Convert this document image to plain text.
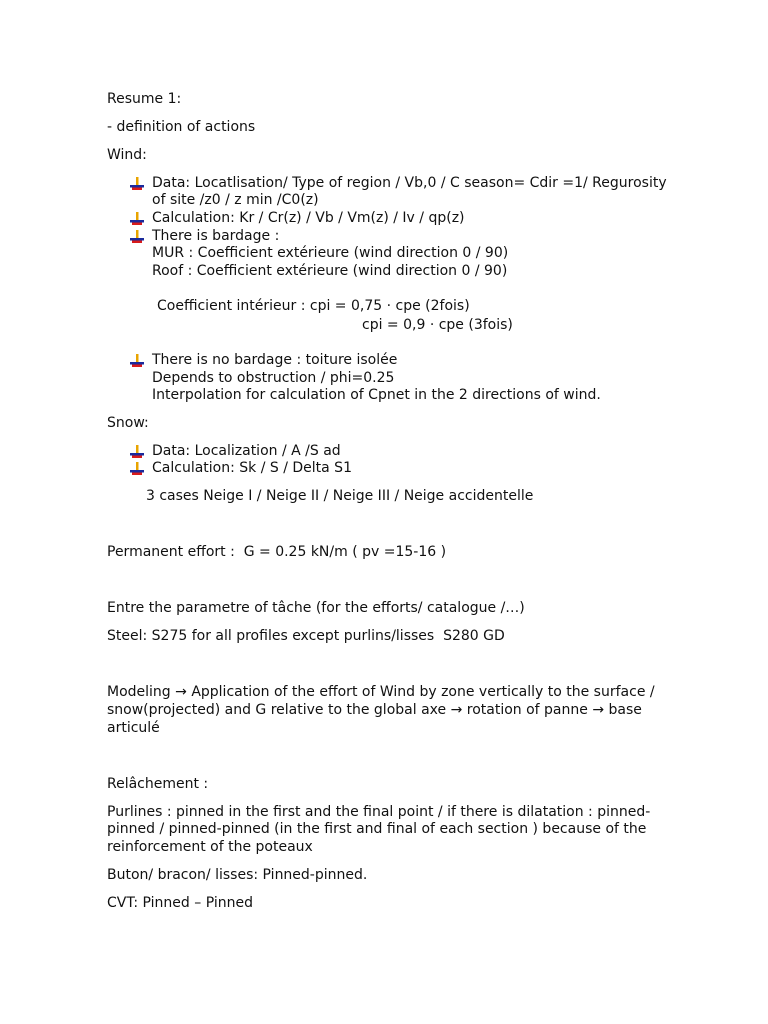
Resume 1:
- definition of actions
Wind:
Data: Locatlisation/ Type of region / Vb,0 / C season= Cdir =1/ Regurosity
of site /z0 / z min /C0(z)
Calculation: Kr / Cr(z) / Vb / Vm(z) / Iv / qp(z)
There is bardage :
MUR : Coefficient extérieure (wind direction 0 / 90)
Roof : Coefficient extérieure (wind direction 0 / 90)
Coefficient intérieur : cpi = 0,75 · cpe (2fois)
cpi = 0,9 · cpe (3fois)
There is no bardage : toiture isolée
Depends to obstruction / phi=0.25
Interpolation for calculation of Cpnet in the 2 directions of wind.
Snow:
Data: Localization / A /S ad
Calculation: Sk / S / Delta S1
3 cases Neige I / Neige II / Neige III / Neige accidentelle
Permanent effort :  G = 0.25 kN/m ( pv =15-16 )
Entre the parametre of tâche (for the efforts/ catalogue /…)
Steel: S275 for all profiles except purlins/lisses  S280 GD
Modeling → Application of the effort of Wind by zone vertically to the surface /
snow(projected) and G relative to the global axe → rotation of panne → base
articulé
Relâchement :
Purlines : pinned in the first and the final point / if there is dilatation : pinned-
pinned / pinned-pinned (in the first and final of each section ) because of the
reinforcement of the poteaux
Buton/ bracon/ lisses: Pinned-pinned.
CVT: Pinned – Pinned
